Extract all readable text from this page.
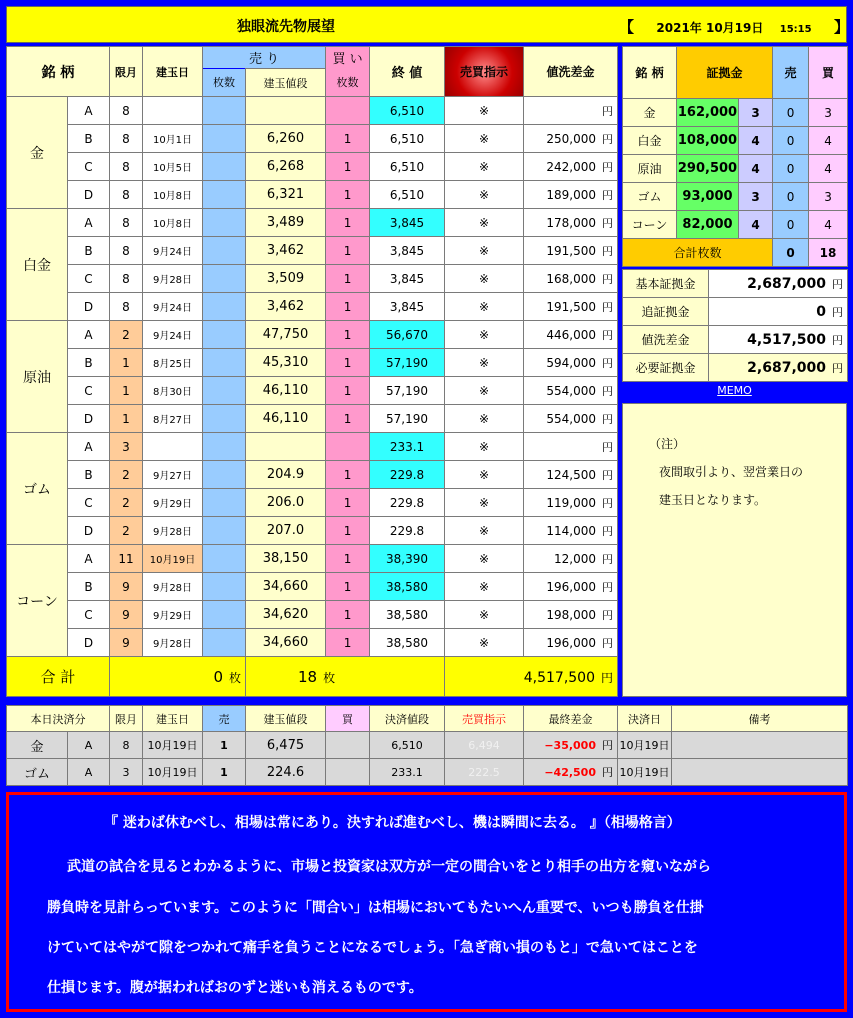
独眼流先物展望	【 2021年 10月19日 15:15 】
銘 柄		限月	建玉日	売 り		買 い	終 値	売買指示	値洗差金
				枚数	建玉値段	枚数			
金	A	8					6,510	※	円
	B	8	10月1日		6,260	1	6,510	※	250,000 円
	C	8	10月5日		6,268	1	6,510	※	242,000 円
	D	8	10月8日		6,321	1	6,510	※	189,000 円
白金	A	8	10月8日		3,489	1	3,845	※	178,000 円
	B	8	9月24日		3,462	1	3,845	※	191,500 円
	C	8	9月28日		3,509	1	3,845	※	168,000 円
	D	8	9月24日		3,462	1	3,845	※	191,500 円
原油	A	2	9月24日		47,750	1	56,670	※	446,000 円
	B	1	8月25日		45,310	1	57,190	※	594,000 円
	C	1	8月30日		46,110	1	57,190	※	554,000 円
	D	1	8月27日		46,110	1	57,190	※	554,000 円
ゴム	A	3					233.1	※	円
	B	2	9月27日		204.9	1	229.8	※	124,500 円
	C	2	9月29日		206.0	1	229.8	※	119,000 円
	D	2	9月28日		207.0	1	229.8	※	114,000 円
コーン	A	11	10月19日		38,150	1	38,390	※	12,000 円
	B	9	9月28日		34,660	1	38,580	※	196,000 円
	C	9	9月29日		34,620	1	38,580	※	198,000 円
	D	9	9月28日		34,660	1	38,580	※	196,000 円
合 計		0 枚			18 枚			4,517,500 円	
銘 柄	証拠金		売	買
金	162,000	3	0	3
白金	108,000	4	0	4
原油	290,500	4	0	4
ゴム	93,000	3	0	3
コーン	82,000	4	0	4
合計枚数			0	18
基本証拠金	2,687,000 円
追証拠金	0 円
値洗差金	4,517,500 円
必要証拠金	2,687,000 円
MEMO
（注）
夜間取引より、翌営業日の
建玉日となります。
本日決済分		限月	建玉日	売	建玉値段	買	決済値段	売買指示	最終差金	決済日	備考
金	A	8	10月19日	1	6,475		6,510	6,494	−35,000 円	10月19日	
ゴム	A	3	10月19日	1	224.6		233.1	222.5	−42,500 円	10月19日	
『 迷わば休むべし、相場は常にあり。決すれば進むべし、機は瞬間に去る。 』（相場格言）
武道の試合を見るとわかるように、市場と投資家は双方が一定の間合いをとり相手の出方を窺いながら
勝負時を見計らっています。このように「間合い」は相場においてもたいへん重要で、いつも勝負を仕掛
けていてはやがて隙をつかれて痛手を負うことになるでしょう。「急ぎ商い損のもと」で急いてはことを
仕損じます。腹が据わればおのずと迷いも消えるものです。
